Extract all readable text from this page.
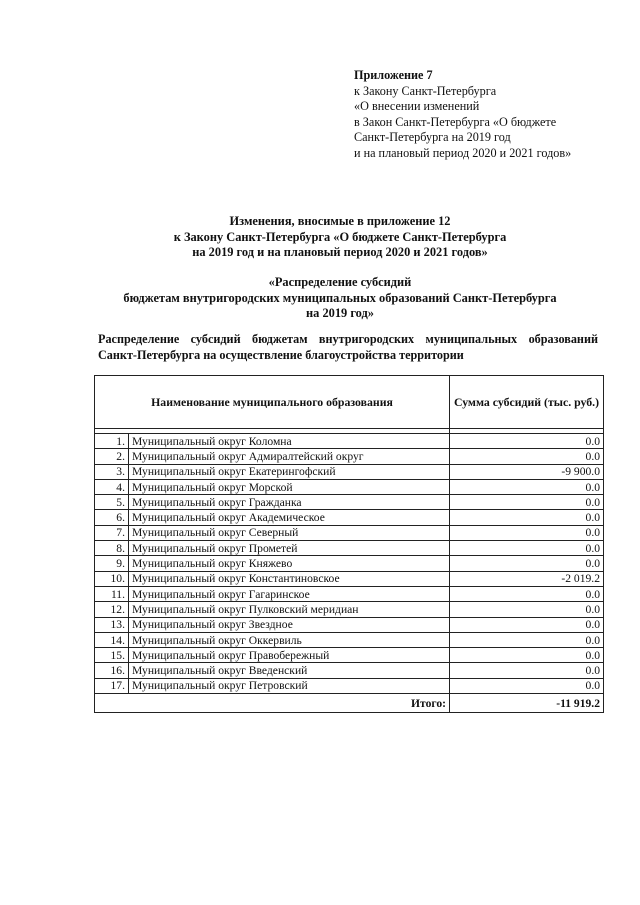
Приложение 7
к Закону Санкт-Петербурга
«О внесении изменений
в Закон Санкт-Петербурга «О бюджете
Санкт-Петербурга на 2019 год
и на плановый период 2020 и 2021 годов»
Изменения, вносимые в приложение 12
к Закону Санкт-Петербурга «О бюджете Санкт-Петербурга
на 2019 год и на плановый период 2020 и 2021 годов»
«Распределение субсидий
бюджетам внутригородских муниципальных образований Санкт-Петербурга
на 2019 год»
Распределение субсидий бюджетам внутригородских муниципальных образований Санкт-Петербурга на осуществление благоустройства территории
Наименование муниципального образования		Сумма субсидий (тыс. руб.)

1.	Муниципальный округ Коломна	0.0
2.	Муниципальный округ Адмиралтейский округ	0.0
3.	Муниципальный округ Екатерингофский	-9 900.0
4.	Муниципальный округ Морской	0.0
5.	Муниципальный округ Гражданка	0.0
6.	Муниципальный округ Академическое	0.0
7.	Муниципальный округ Северный	0.0
8.	Муниципальный округ Прометей	0.0
9.	Муниципальный округ Княжево	0.0
10.	Муниципальный округ Константиновское	-2 019.2
11.	Муниципальный округ Гагаринское	0.0
12.	Муниципальный округ Пулковский меридиан	0.0
13.	Муниципальный округ Звездное	0.0
14.	Муниципальный округ Оккервиль	0.0
15.	Муниципальный округ Правобережный	0.0
16.	Муниципальный округ Введенский	0.0
17.	Муниципальный округ Петровский	0.0
Итого:		-11 919.2
